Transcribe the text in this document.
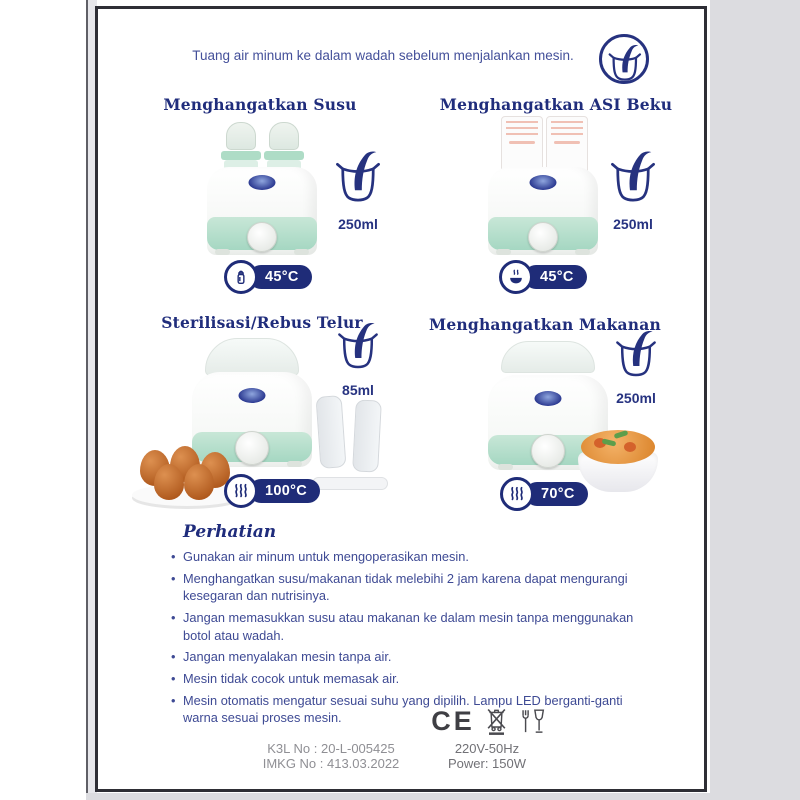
Tuang air minum ke dalam wadah sebelum menjalankan mesin.
Menghangatkan Susu
250ml
45°C
Menghangatkan ASI Beku
250ml
45°C
Sterilisasi/Rebus Telur
85ml
100°C
Menghangatkan Makanan
250ml
70°C
Perhatian
• Gunakan air minum untuk mengoperasikan mesin.
• Menghangatkan susu/makanan tidak melebihi 2 jam karena dapat mengurangi kesegaran dan nutrisinya.
• Jangan memasukkan susu atau makanan ke dalam mesin tanpa menggunakan botol atau wadah.
• Jangan menyalakan mesin tanpa air.
• Mesin tidak cocok untuk memasak air.
• Mesin otomatis mengatur sesuai suhu yang dipilih. Lampu LED berganti-ganti warna sesuai proses mesin.	CE
K3L No : 20-L-005425
IMKG No : 413.03.2022
220V-50Hz
Power: 150W
